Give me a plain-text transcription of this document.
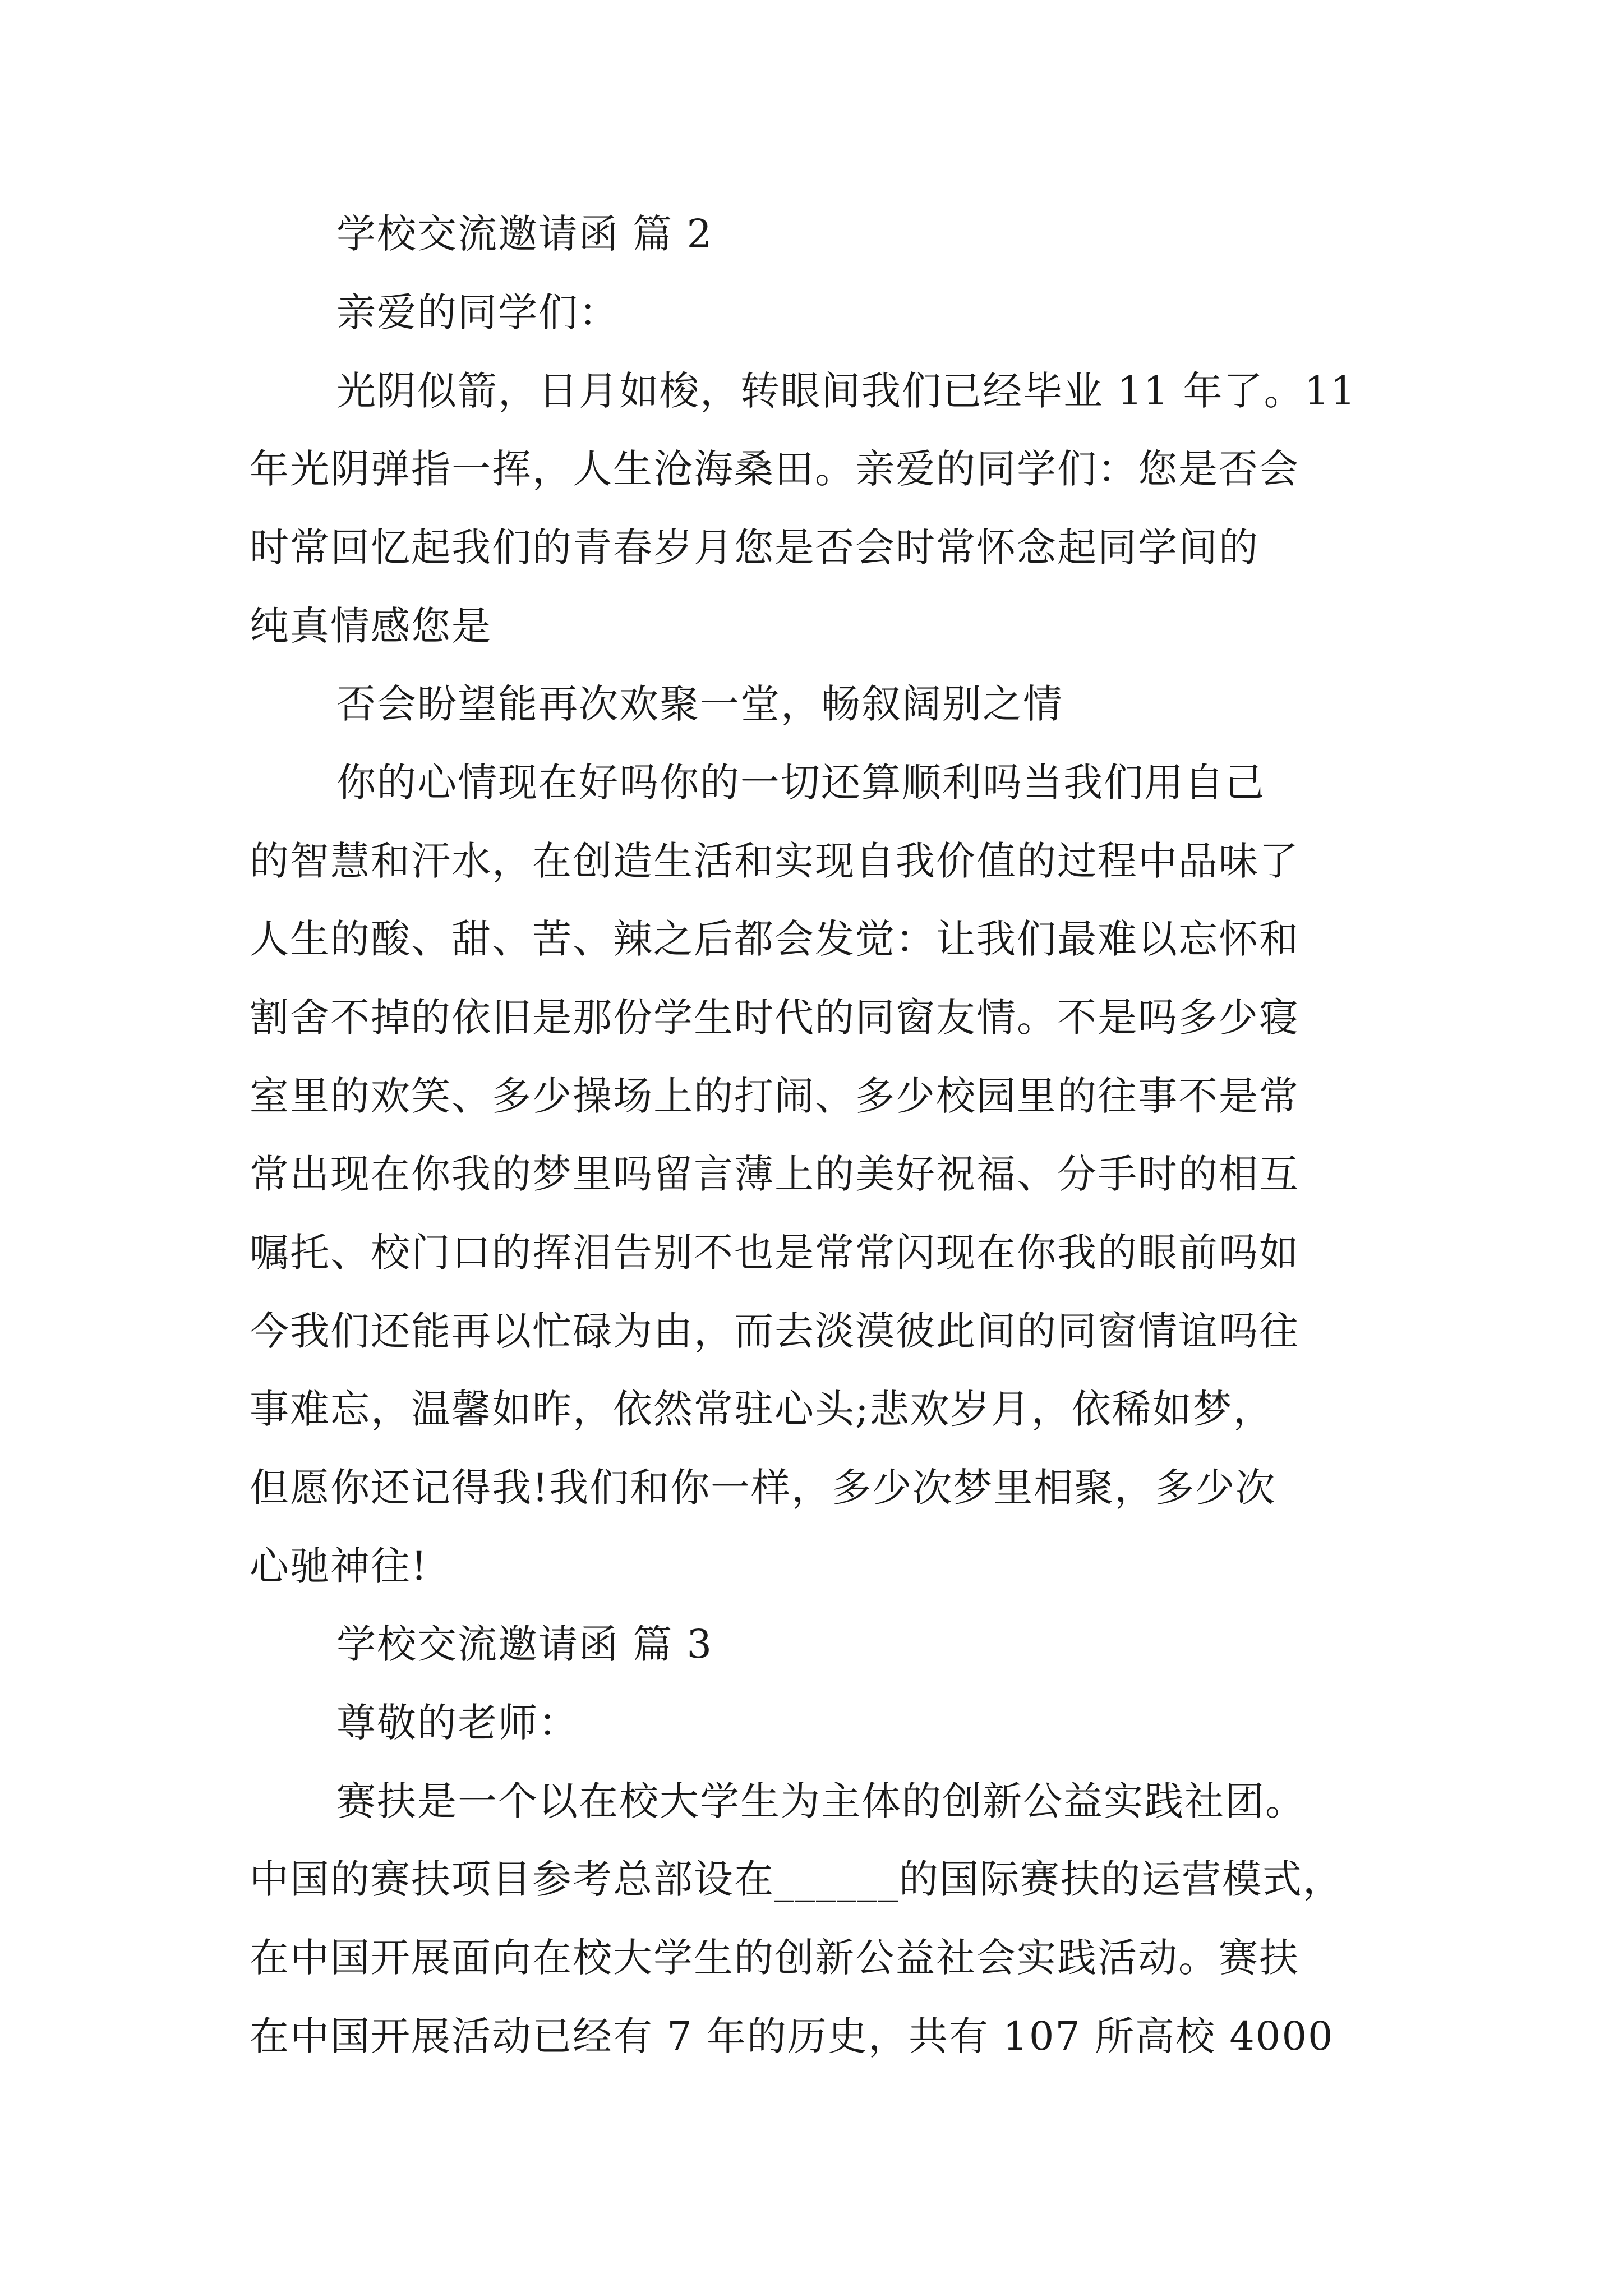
学校交流邀请函 篇 2
亲爱的同学们：
光阴似箭，日月如梭，转眼间我们已经毕业 11 年了。11
年光阴弹指一挥，人生沧海桑田。亲爱的同学们：您是否会
时常回忆起我们的青春岁月您是否会时常怀念起同学间的
纯真情感您是
否会盼望能再次欢聚一堂，畅叙阔别之情
你的心情现在好吗你的一切还算顺利吗当我们用自己
的智慧和汗水，在创造生活和实现自我价值的过程中品味了
人生的酸、甜、苦、辣之后都会发觉：让我们最难以忘怀和
割舍不掉的依旧是那份学生时代的同窗友情。不是吗多少寝
室里的欢笑、多少操场上的打闹、多少校园里的往事不是常
常出现在你我的梦里吗留言薄上的美好祝福、分手时的相互
嘱托、校门口的挥泪告别不也是常常闪现在你我的眼前吗如
今我们还能再以忙碌为由，而去淡漠彼此间的同窗情谊吗往
事难忘，温馨如昨，依然常驻心头;悲欢岁月，依稀如梦，
但愿你还记得我!我们和你一样，多少次梦里相聚，多少次
心驰神往!
学校交流邀请函 篇 3
尊敬的老师：
赛扶是一个以在校大学生为主体的创新公益实践社团。
中国的赛扶项目参考总部设在______的国际赛扶的运营模式，
在中国开展面向在校大学生的创新公益社会实践活动。赛扶
在中国开展活动已经有 7 年的历史，共有 107 所高校 4000
